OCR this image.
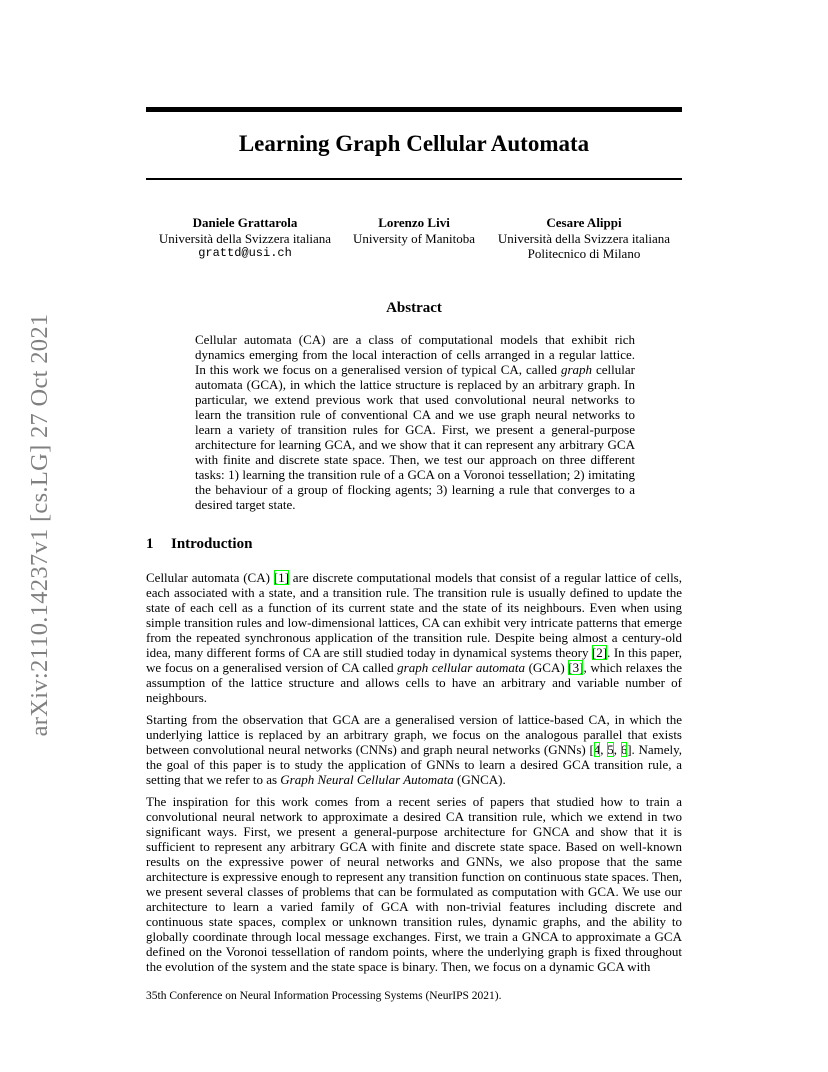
arXiv:2110.14237v1 [cs.LG] 27 Oct 2021
Learning Graph Cellular Automata
Daniele Grattarola
Università della Svizzera italiana
grattd@usi.ch
Lorenzo Livi
University of Manitoba
Cesare Alippi
Università della Svizzera italiana
Politecnico di Milano
Abstract

Cellular automata (CA) are a class of computational models that exhibit rich dynamics emerging from the local interaction of cells arranged in a regular lattice. In this work we focus on a generalised version of typical CA, called graph cellular automata (GCA), in which the lattice structure is replaced by an arbitrary graph. In particular, we extend previous work that used convolutional neural networks to learn the transition rule of conventional CA and we use graph neural networks to learn a variety of transition rules for GCA. First, we present a general-purpose architecture for learning GCA, and we show that it can represent any arbitrary GCA with finite and discrete state space. Then, we test our approach on three different tasks: 1) learning the transition rule of a GCA on a Voronoi tessellation; 2) imitating the behaviour of a group of flocking agents; 3) learning a rule that converges to a desired target state.

1 Introduction

Cellular automata (CA) [1] are discrete computational models that consist of a regular lattice of cells, each associated with a state, and a transition rule. The transition rule is usually defined to update the state of each cell as a function of its current state and the state of its neighbours. Even when using simple transition rules and low-dimensional lattices, CA can exhibit very intricate patterns that emerge from the repeated synchronous application of the transition rule. Despite being almost a century-old idea, many different forms of CA are still studied today in dynamical systems theory [2]. In this paper, we focus on a generalised version of CA called graph cellular automata (GCA) [3], which relaxes the assumption of the lattice structure and allows cells to have an arbitrary and variable number of neighbours.

Starting from the observation that GCA are a generalised version of lattice-based CA, in which the underlying lattice is replaced by an arbitrary graph, we focus on the analogous parallel that exists between convolutional neural networks (CNNs) and graph neural networks (GNNs) [4, 5, 6]. Namely, the goal of this paper is to study the application of GNNs to learn a desired GCA transition rule, a setting that we refer to as Graph Neural Cellular Automata (GNCA).

The inspiration for this work comes from a recent series of papers that studied how to train a convolutional neural network to approximate a desired CA transition rule, which we extend in two significant ways. First, we present a general-purpose architecture for GNCA and show that it is sufficient to represent any arbitrary GCA with finite and discrete state space. Based on well-known results on the expressive power of neural networks and GNNs, we also propose that the same architecture is expressive enough to represent any transition function on continuous state spaces. Then, we present several classes of problems that can be formulated as computation with GCA. We use our architecture to learn a varied family of GCA with non-trivial features including discrete and continuous state spaces, complex or unknown transition rules, dynamic graphs, and the ability to globally coordinate through local message exchanges. First, we train a GNCA to approximate a GCA defined on the Voronoi tessellation of random points, where the underlying graph is fixed throughout the evolution of the system and the state space is binary. Then, we focus on a dynamic GCA with

35th Conference on Neural Information Processing Systems (NeurIPS 2021).
